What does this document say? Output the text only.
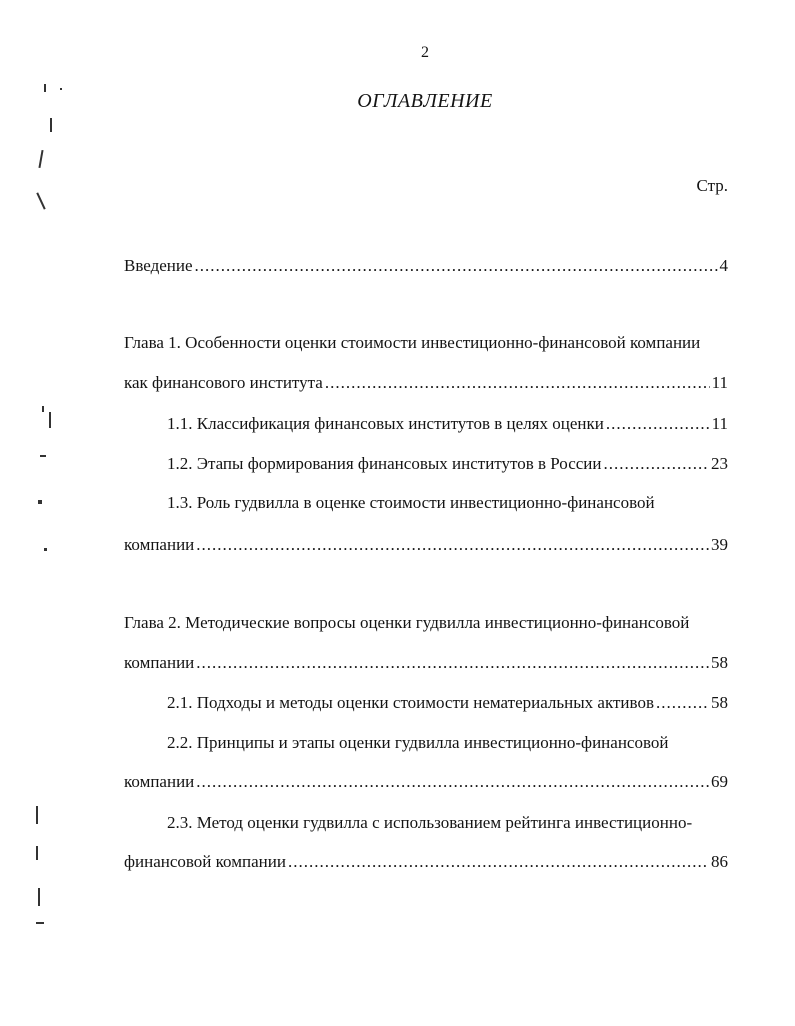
2
ОГЛАВЛЕНИЕ
Стр.
Введение .....	4
Глава 1. Особенности оценки стоимости инвестиционно-финансовой компании
как финансового института .....	11
1.1. Классификация финансовых институтов в целях оценки .....	11
1.2. Этапы формирования финансовых институтов в России .....	23
1.3. Роль гудвилла в оценке стоимости инвестиционно-финансовой
компании .....	39
Глава 2. Методические вопросы оценки гудвилла инвестиционно-финансовой
компании .....	58
2.1. Подходы и методы оценки стоимости нематериальных активов .....	58
2.2. Принципы и этапы оценки гудвилла инвестиционно-финансовой
компании .....	69
2.3. Метод оценки гудвилла с использованием рейтинга инвестиционно-
финансовой компании .....	86
